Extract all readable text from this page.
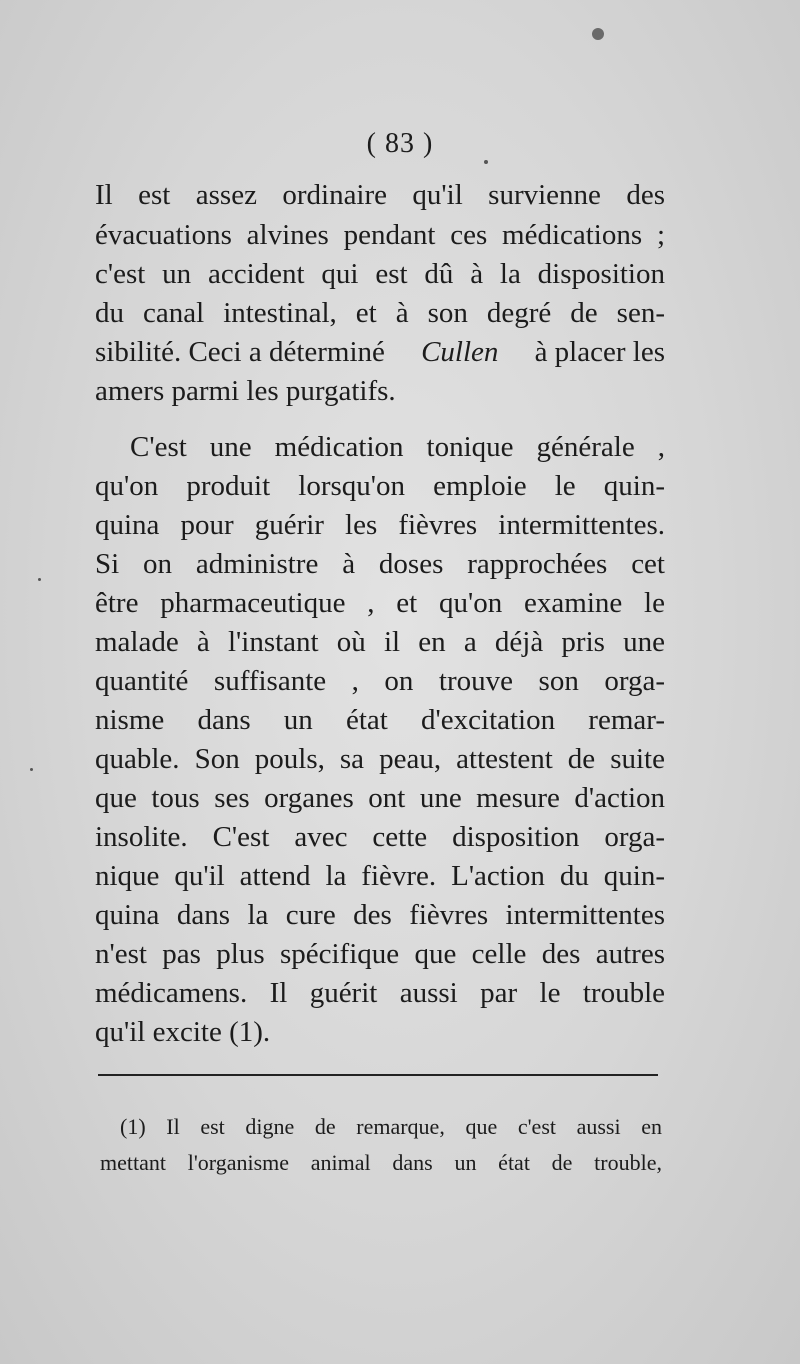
( 83 )
Il est assez ordinaire qu'il survienne des
évacuations alvines pendant ces médications ;
c'est un accident qui est dû à la disposition
du canal intestinal, et à son degré de sen-
sibilité. Ceci a déterminé Cullen à placer les
amers parmi les purgatifs.
C'est une médication tonique générale ,
qu'on produit lorsqu'on emploie le quin-
quina pour guérir les fièvres intermittentes.
Si on administre à doses rapprochées cet
être pharmaceutique , et qu'on examine le
malade à l'instant où il en a déjà pris une
quantité suffisante , on trouve son orga-
nisme dans un état d'excitation remar-
quable. Son pouls, sa peau, attestent de suite
que tous ses organes ont une mesure d'action
insolite. C'est avec cette disposition orga-
nique qu'il attend la fièvre. L'action du quin-
quina dans la cure des fièvres intermittentes
n'est pas plus spécifique que celle des autres
médicamens. Il guérit aussi par le trouble
qu'il excite (1).
(1) Il est digne de remarque, que c'est aussi en
mettant l'organisme animal dans un état de trouble,
